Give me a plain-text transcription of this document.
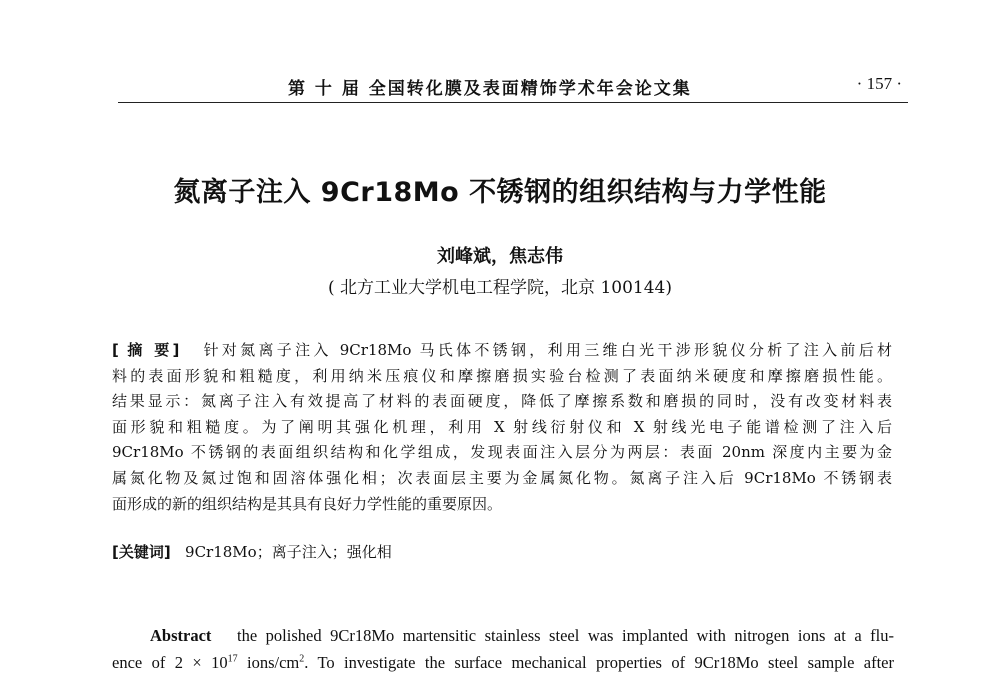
第 十 届 全国转化膜及表面精饰学术年会论文集	· 157 ·
氮离子注入 9Cr18Mo 不锈钢的组织结构与力学性能
刘峰斌，焦志伟
( 北方工业大学机电工程学院，北京 100144)
[ 摘 要] 针对氮离子注入 9Cr18Mo 马氏体不锈钢，利用三维白光干涉形貌仪分析了注入前后材
料的表面形貌和粗糙度，利用纳米压痕仪和摩擦磨损实验台检测了表面纳米硬度和摩擦磨损性能。
结果显示：氮离子注入有效提高了材料的表面硬度，降低了摩擦系数和磨损的同时，没有改变材料表
面形貌和粗糙度。为了阐明其强化机理，利用 X 射线衍射仪和 X 射线光电子能谱检测了注入后
9Cr18Mo 不锈钢的表面组织结构和化学组成，发现表面注入层分为两层：表面 20nm 深度内主要为金
属氮化物及氮过饱和固溶体强化相；次表面层主要为金属氮化物。氮离子注入后 9Cr18Mo 不锈钢表
面形成的新的组织结构是其具有良好力学性能的重要原因。
[关键词] 9Cr18Mo；离子注入；强化相
Abstract the polished 9Cr18Mo martensitic stainless steel was implanted with nitrogen ions at a flu-
ence of $2 \times 10^{17}$ ions/$cm^2$. To investigate the surface mechanical properties of 9Cr18Mo steel sample after
